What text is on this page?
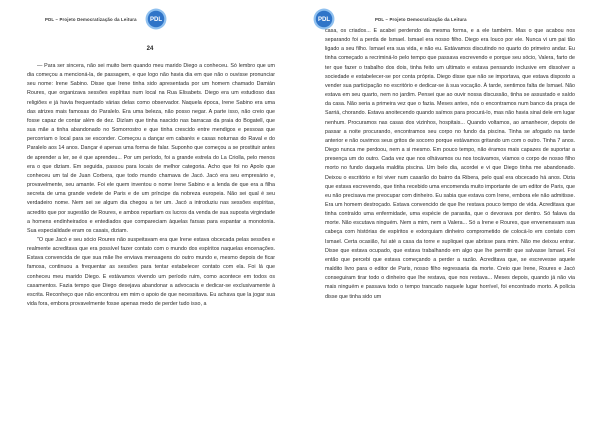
PDL – Projeto Democratização da Leitura PDL
24

— Para ser sincera, não sei muito bem quando meu marido Diego a conheceu. Só lembro que um dia começou a mencioná-la, de passagem, e que logo não havia dia em que não o ouvisse pronunciar seu nome: Irene Sabino. Disse que Irene tinha sido apresentada por um homem chamado Damián Roures, que organizava sessões espíritas num local na Rua Elisabets. Diego era um estudioso das religiões e já havia frequentado várias delas como observador. Naquela época, Irene Sabino era uma das atrizes mais famosas do Paralelo. Era uma beleza, não posso negar. A parte isso, não creio que fosse capaz de contar além de dez. Dizíam que tinha nascido nas barracas da praia do Bogatell, que sua mãe a tinha abandonado no Somorrostro e que tinha crescido entre mendigos e pessoas que percorriam o local para se esconder. Começou a dançar em cabarés e casas noturnas do Raval e do Paralelo aos 14 anos. Dançar é apenas uma forma de falar. Suponho que começou a se prostituir antes de aprender a ler, se é que aprendeu... Por um período, foi a grande estrela do La Criolla, pelo menos era o que diziam. Em seguida, passou para locais de melhor categoria. Acho que foi no Apolo que conheceu um tal de Juan Corbera, que todo mundo chamava de Jacó. Jacó era seu empresário e, provavelmente, seu amante. Foi ele quem inventou o nome Irene Sabino e a lenda de que era a filha secreta de uma grande vedete de Paris e de um príncipe da nobreza europeia. Não sei qual é seu verdadeiro nome. Nem sei se algum dia chegou a ter um. Jacó a introduziu nas sessões espíritas, acredito que por sugestão de Roures, e ambos repartiam os lucros da venda de sua suposta virgindade a homens endinheirados e entediados que compareciam àquelas farsas para espantar a monotonia. Sua especialidade eram os casais, diziam.

"O que Jacó e seu sócio Roures não suspeitavam era que Irene estava obcecada pelas sessões e realmente acreditava que era possível fazer contato com o mundo dos espíritos naquelas encenações. Estava convencida de que sua mãe lhe enviava mensagens do outro mundo e, mesmo depois de ficar famosa, continuou a frequentar as sessões para tentar estabelecer contato com ela. Foi lá que conheceu meu marido Diego. E estávamos vivendo um período ruim, como acontece em todos os casamentos. Fazia tempo que Diego desejava abandonar a advocacia e dedicar-se exclusivamente à escrita. Reconheço que não encontrou em mim o apoio de que necessitava. Eu achava que la jogar sua vida fora, embora provavelmente fosse apenas medo de perder tudo isso, a

PDL	PDL – Projeto Democratização da Leitura

casa, os criados... E acabei perdendo da mesma forma, e a ele também. Mas o que acabou nos separando foi a perda de Ismael. Ismael era nosso filho. Diego era louco por ele. Nunca vi um pai tão ligado a seu filho. Ismael era sua vida, e não eu. Estávamos discutindo no quarto do primeiro andar. Eu tinha começado a recriminá-lo pelo tempo que passava escrevendo e porque seu sócio, Valera, farto de ter que fazer o trabalho dos dois, tinha feito um ultimato e estava pensando inclusive em dissolver a sociedade e estabelecer-se por conta própria. Diego disse que não se importava, que estava disposto a vender sua participação no escritório e dedicar-se à sua vocação. À tarde, sentimos falta de Ismael. Não estava em seu quarto, nem no jardim. Pensei que ao ouvir nossa discussão, tinha se assustado e saído da casa. Não seria a primeira vez que o fazia. Meses antes, nós o encontramos num banco da praça de Sarriá, chorando. Estava anoitecendo quando saímos para procurá-lo, mas não havia sinal dele em lugar nenhum. Procuramos nas casas dos vizinhos, hospitais... Quando voltamos, ao amanhecer, depois de passar a noite procurando, encontramos seu corpo no fundo da piscina. Tinha se afogado na tarde anterior e não ouvimos seus gritos de socorro porque estávamos gritando um com o outro. Tinha 7 anos. Diego nunca me perdoou, nem a si mesmo. Em pouco tempo, não éramos mais capazes de suportar a presença um do outro. Cada vez que nos olhávamos ou nos tocávamos, víamos o corpo de nosso filho morto no fundo daquela maldita piscina. Um belo dia, acordei e vi que Diego tinha me abandonado. Deixou o escritório e foi viver num casarão do bairro da Ribera, pelo qual era obcecado há anos. Dizia que estava escrevendo, que tinha recebido uma encomenda muito importante de um editor de Paris, que eu não precisava me preocupar com dinheiro. Eu sabia que estava com Irene, embora ele não admitisse. Era um homem destroçado. Estava convencido de que lhe restava pouco tempo de vida. Acreditava que tinha contraído uma enfermidade, uma espécie de parasita, que o devorava por dentro. Só falava da morte. Não escutava ninguém. Nem a mim, nem a Valera... Só a Irene e Roures, que envenenavam sua cabeça com histórias de espíritos e extorquiam dinheiro comprometido de colocá-lo em contato com Ismael. Certa ocasião, fui até a casa da torre e supliquei que abrisse para mim. Não me deixou entrar. Disse que estava ocupado, que estava trabalhando em algo que lhe permitir que salvasse Ismael. Foi então que percebi que estava começando a perder a razão. Acreditava que, se escrevesse aquele maldito livro para o editor de Paris, nosso filho regressaria da morte. Creio que Irene, Roures e Jacó conseguiram tirar todo o dinheiro que lhe restava, que nos restava... Meses depois, quando já não via mais ninguém e passava todo o tempo trancado naquele lugar horrível, foi encontrado morto. A polícia disse que tinha sido um
